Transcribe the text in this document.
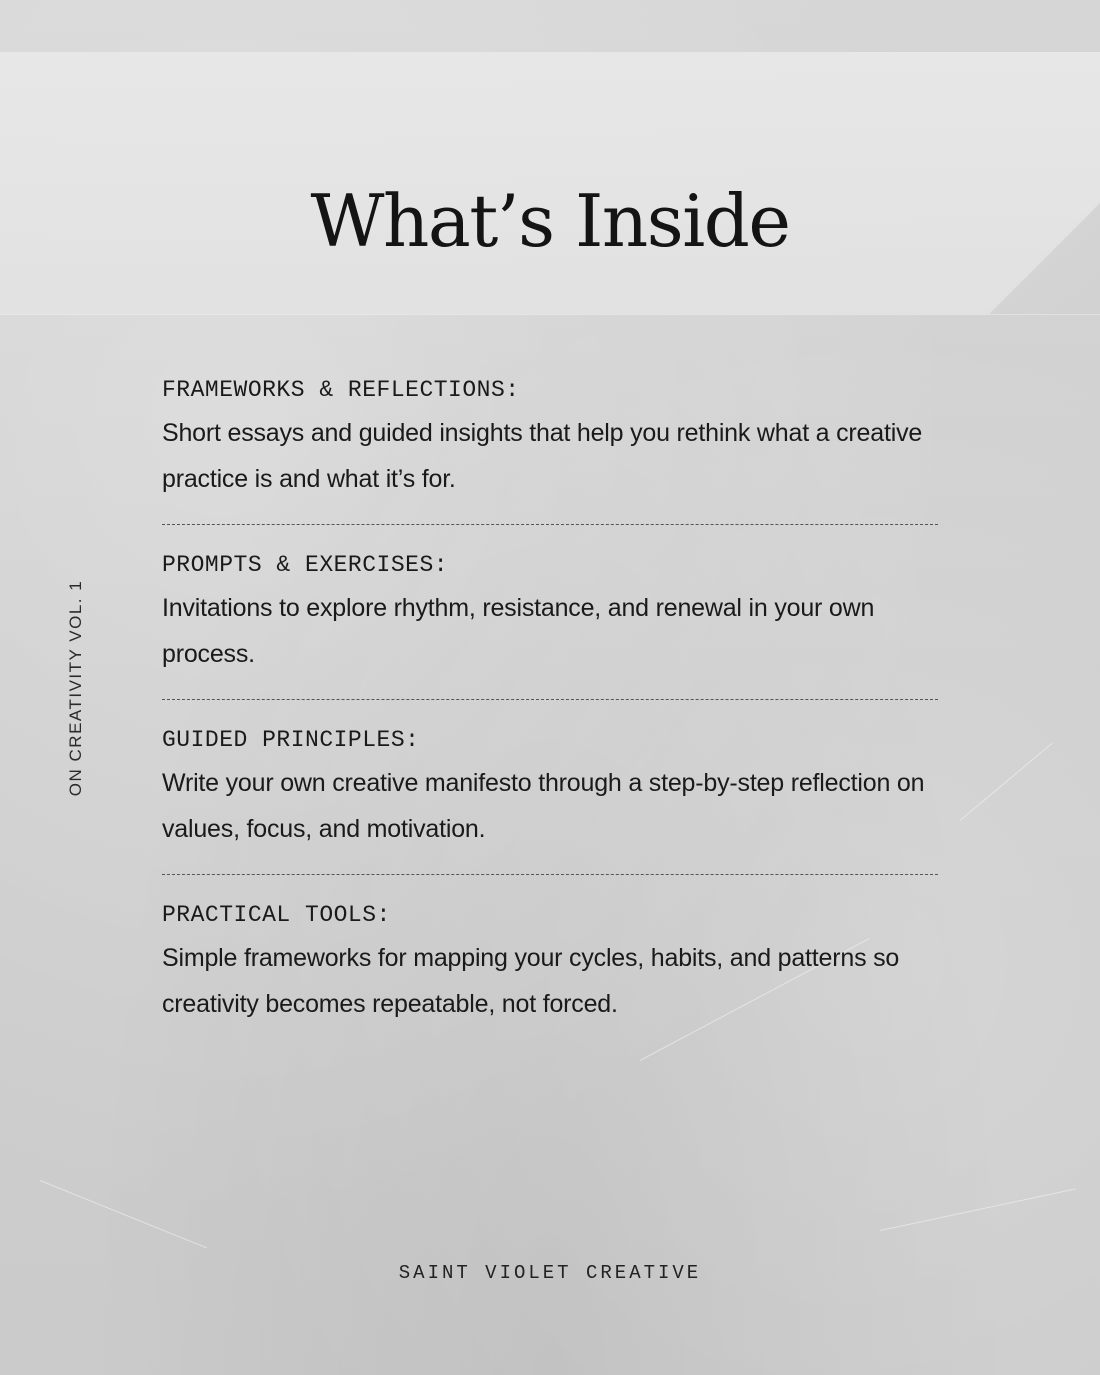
What’s Inside
ON CREATIVITY VOL. 1

FRAMEWORKS & REFLECTIONS:

Short essays and guided insights that help you rethink what a creative practice is and what it’s for.

PROMPTS & EXERCISES:

Invitations to explore rhythm, resistance, and renewal in your own process.

GUIDED PRINCIPLES:

Write your own creative manifesto through a step-by-step reflection on values, focus, and motivation.

PRACTICAL TOOLS:

Simple frameworks for mapping your cycles, habits, and patterns so creativity becomes repeatable, not forced.

SAINT VIOLET CREATIVE
